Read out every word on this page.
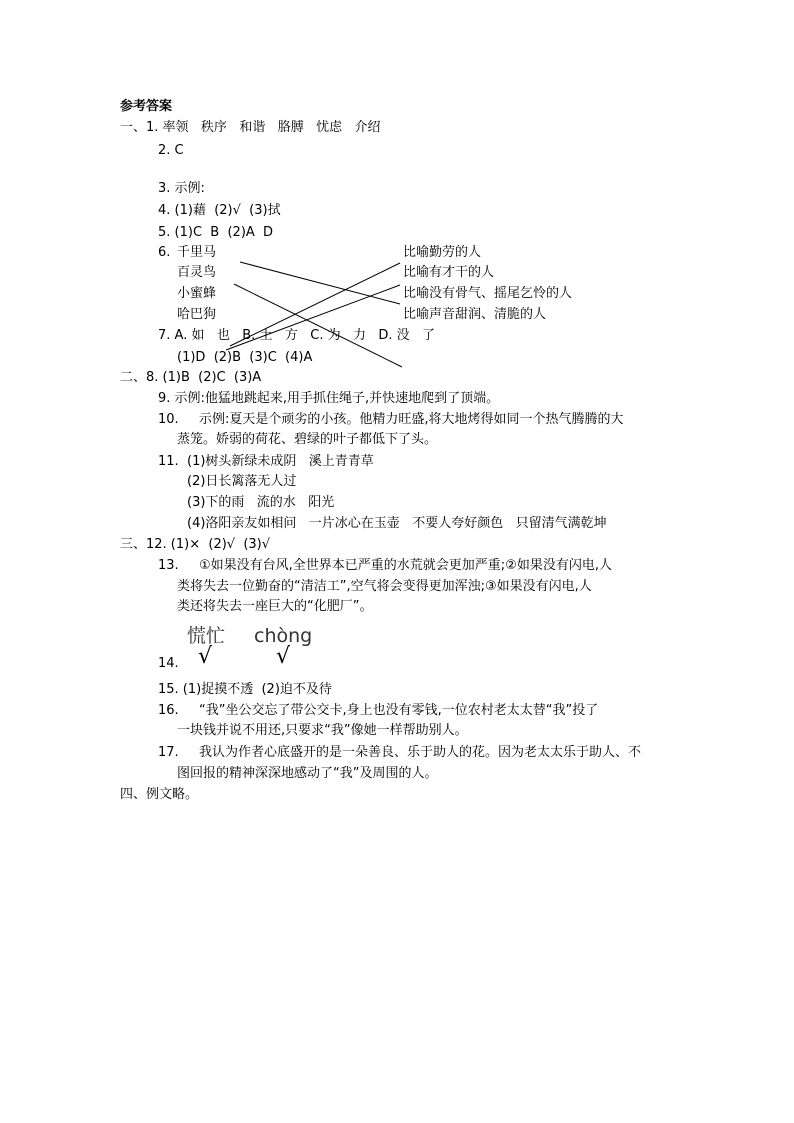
参考答案
一、1. 率领   秩序   和谐   胳膊   忧虑   介绍
2. C
3. 示例:
4. (1)藉  (2)√  (3)拭
5. (1)C  B  (2)A  D
6. 千里马
百灵鸟
小蜜蜂
哈巴狗
比喻勤劳的人
比喻有才干的人
比喻没有骨气、摇尾乞怜的人
比喻声音甜润、清脆的人
7. A. 如   也   B. 土   方   C. 为   力   D. 没   了
(1)D  (2)B  (3)C  (4)A
二、8. (1)B  (2)C  (3)A
9. 示例:他猛地跳起来,用手抓住绳子,并快速地爬到了顶端。
10. 示例:夏天是个顽劣的小孩。他精力旺盛,将大地烤得如同一个热气腾腾的大
蒸笼。娇弱的荷花、碧绿的叶子都低下了头。
11. (1)树头新绿未成阴   溪上青青草
(2)日长篱落无人过
(3)下的雨   流的水   阳光
(4)洛阳亲友如相问   一片冰心在玉壶   不要人夸好颜色   只留清气满乾坤
三、12. (1)×  (2)√  (3)√
13. ①如果没有台风,全世界本已严重的水荒就会更加严重;②如果没有闪电,人
类将失去一位勤奋的“清洁工”,空气将会变得更加浑浊;③如果没有闪电,人
类还将失去一座巨大的“化肥厂”。
慌忙 chòng
√	√
14.
15. (1)捉摸不透  (2)迫不及待
16. “我”坐公交忘了带公交卡,身上也没有零钱,一位农村老太太替“我”投了
一块钱并说不用还,只要求“我”像她一样帮助别人。
17. 我认为作者心底盛开的是一朵善良、乐于助人的花。因为老太太乐于助人、不
图回报的精神深深地感动了“我”及周围的人。
四、例文略。
